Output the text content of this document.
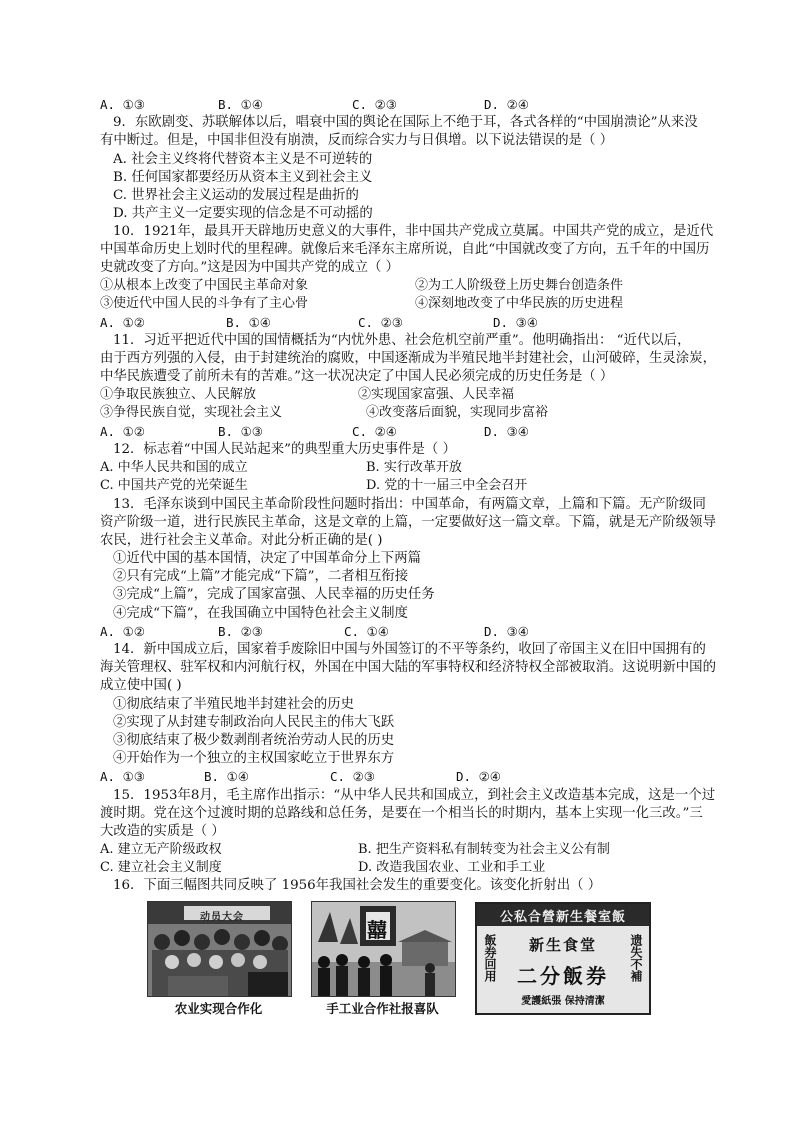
A. ①③	B. ①④	C. ②③	D. ②④
9．东欧剧变、苏联解体以后，唱衰中国的舆论在国际上不绝于耳，各式各样的“中国崩溃论”从来没
有中断过。但是，中国非但没有崩溃，反而综合实力与日俱增。以下说法错误的是（ ）
A. 社会主义终将代替资本主义是不可逆转的
B. 任何国家都要经历从资本主义到社会主义
C. 世界社会主义运动的发展过程是曲折的
D. 共产主义一定要实现的信念是不可动摇的
10．1921年，最具开天辟地历史意义的大事件，非中国共产党成立莫属。中国共产党的成立，是近代
中国革命历史上划时代的里程碑。就像后来毛泽东主席所说，自此“中国就改变了方向，五千年的中国历
史就改变了方向。”这是因为中国共产党的成立（ ）
①从根本上改变了中国民主革命对象	②为工人阶级登上历史舞台创造条件
③使近代中国人民的斗争有了主心骨	④深刻地改变了中华民族的历史进程
A. ①②	B. ①④	C. ②③	D. ③④
11．习近平把近代中国的国情概括为“内忧外患、社会危机空前严重”。他明确指出： “近代以后，
由于西方列强的入侵，由于封建统治的腐败，中国逐渐成为半殖民地半封建社会，山河破碎，生灵涂炭，
中华民族遭受了前所未有的苦难。”这一状况决定了中国人民必须完成的历史任务是（ ）
①争取民族独立、人民解放	②实现国家富强、人民幸福
③争得民族自觉，实现社会主义	④改变落后面貌，实现同步富裕
A. ①②	B. ①③	C. ②④	D. ③④
12．标志着“中国人民站起来”的典型重大历史事件是（ ）
A. 中华人民共和国的成立	B. 实行改革开放
C. 中国共产党的光荣诞生	D. 党的十一届三中全会召开
13．毛泽东谈到中国民主革命阶段性问题时指出：中国革命，有两篇文章，上篇和下篇。无产阶级同
资产阶级一道，进行民族民主革命，这是文章的上篇，一定要做好这一篇文章。下篇，就是无产阶级领导
农民，进行社会主义革命。对此分析正确的是( )
①近代中国的基本国情，决定了中国革命分上下两篇
②只有完成“上篇”才能完成“下篇”，二者相互衔接
③完成“上篇”，完成了国家富强、人民幸福的历史任务
④完成“下篇”，在我国确立中国特色社会主义制度
A. ①②	B. ②③	C. ①④	D. ③④
14．新中国成立后，国家着手废除旧中国与外国签订的不平等条约，收回了帝国主义在旧中国拥有的
海关管理权、驻军权和内河航行权，外国在中国大陆的军事特权和经济特权全部被取消。这说明新中国的
成立使中国( )
①彻底结束了半殖民地半封建社会的历史
②实现了从封建专制政治向人民民主的伟大飞跃
③彻底结束了极少数剥削者统治劳动人民的历史
④开始作为一个独立的主权国家屹立于世界东方
A. ①③	B. ①④	C. ②③	D. ②④
15．1953年8月，毛主席作出指示：“从中华人民共和国成立，到社会主义改造基本完成，这是一个过
渡时期。党在这个过渡时期的总路线和总任务，是要在一个相当长的时期内，基本上实现一化三改。”三
大改造的实质是（ ）
A. 建立无产阶级政权	B. 把生产资料私有制转变为社会主义公有制
C. 建立社会主义制度	D. 改造我国农业、工业和手工业
16．下面三幅图共同反映了 1956年我国社会发生的重要变化。该变化折射出（ ）
动员大会
囍
公私合營新生餐室飯
飯券回用	新生食堂
二分飯券	遗失不補
愛護紙張 保持清潔
农业实现合作化	手工业合作社报喜队
